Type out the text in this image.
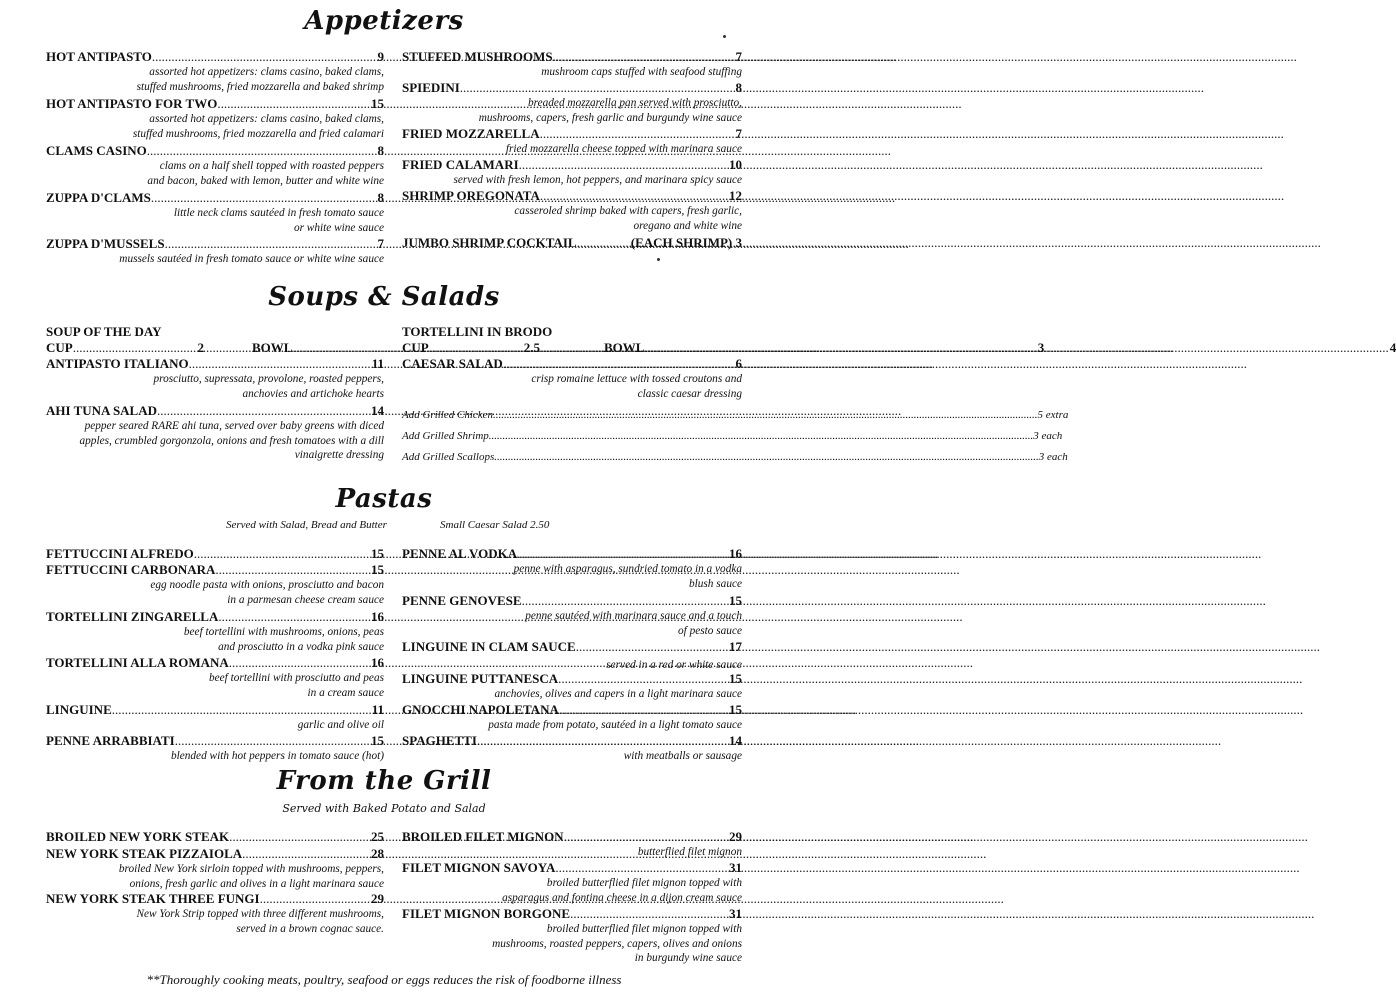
Appetizers
Soups & Salads
Pastas
Served with Salad, Bread and Butter	Small Caesar Salad 2.50
From the Grill
Served with Baked Potato and Salad
HOT ANTIPASTO .....	9
assorted hot appetizers: clams casino, baked clams,
stuffed mushrooms, fried mozzarella and baked shrimp
HOT ANTIPASTO FOR TWO .....	15
assorted hot appetizers: clams casino, baked clams,
stuffed mushrooms, fried mozzarella and fried calamari
CLAMS CASINO .....	8
clams on a half shell topped with roasted peppers
and bacon, baked with lemon, butter and white wine
ZUPPA D'CLAMS .....	8
little neck clams sautéed in fresh tomato sauce
or white wine sauce
ZUPPA D'MUSSELS .....	7
mussels sautéed in fresh tomato sauce or white wine sauce
STUFFED MUSHROOMS .....	7
mushroom caps stuffed with seafood stuffing
SPIEDINI .....	8
breaded mozzarella pan served with prosciutto,
mushrooms, capers, fresh garlic and burgundy wine sauce
FRIED MOZZARELLA .....	7
fried mozzarella cheese topped with marinara sauce
FRIED CALAMARI .....	10
served with fresh lemon, hot peppers, and marinara spicy sauce
SHRIMP OREGONATA .....	12
casseroled shrimp baked with capers, fresh garlic,
oregano and white wine
JUMBO SHRIMP COCKTAIL .....	(EACH SHRIMP) 3
SOUP OF THE DAY
CUP .....	2	BOWL .....	3
ANTIPASTO ITALIANO .....	11
prosciutto, supressata, provolone, roasted peppers,
anchovies and artichoke hearts
AHI TUNA SALAD .....	14
pepper seared RARE ahi tuna, served over baby greens with diced
apples, crumbled gorgonzola, onions and fresh tomatoes with a dill
vinaigrette dressing
TORTELLINI IN BRODO
CUP .....	2.5	BOWL .....	4
CAESAR SALAD .....	6
crisp romaine lettuce with tossed croutons and
classic caesar dressing
Add Grilled Chicken .....	5 extra
Add Grilled Shrimp .....	3 each
Add Grilled Scallops .....	3 each
FETTUCCINI ALFREDO .....	15
FETTUCCINI CARBONARA .....	15
egg noodle pasta with onions, prosciutto and bacon
in a parmesan cheese cream sauce
TORTELLINI ZINGARELLA .....	16
beef tortellini with mushrooms, onions, peas
and prosciutto in a vodka pink sauce
TORTELLINI ALLA ROMANA .....	16
beef tortellini with prosciutto and peas
in a cream sauce
LINGUINE .....	11
garlic and olive oil
PENNE ARRABBIATI .....	15
blended with hot peppers in tomato sauce (hot)
PENNE AL VODKA .....	16
penne with asparagus, sundried tomato in a vodka
blush sauce
PENNE GENOVESE .....	15
penne sautéed with marinara sauce and a touch
of pesto sauce
LINGUINE IN CLAM SAUCE .....	17
served in a red or white sauce
LINGUINE PUTTANESCA .....	15
anchovies, olives and capers in a light marinara sauce
GNOCCHI NAPOLETANA .....	15
pasta made from potato, sautéed in a light tomato sauce
SPAGHETTI .....	14
with meatballs or sausage
BROILED NEW YORK STEAK .....	25
NEW YORK STEAK PIZZAIOLA .....	28
broiled New York sirloin topped with mushrooms, peppers,
onions, fresh garlic and olives in a light marinara sauce
NEW YORK STEAK THREE FUNGI .....	29
New York Strip topped with three different mushrooms,
served in a brown cognac sauce.
BROILED FILET MIGNON .....	29
butterflied filet mignon
FILET MIGNON SAVOYA .....	31
broiled butterflied filet mignon topped with
asparagus and fontina cheese in a dijon cream sauce
FILET MIGNON BORGONE .....	31
broiled butterflied filet mignon topped with
mushrooms, roasted peppers, capers, olives and onions
in burgundy wine sauce
**Thoroughly cooking meats, poultry, seafood or eggs reduces the risk of foodborne illness
